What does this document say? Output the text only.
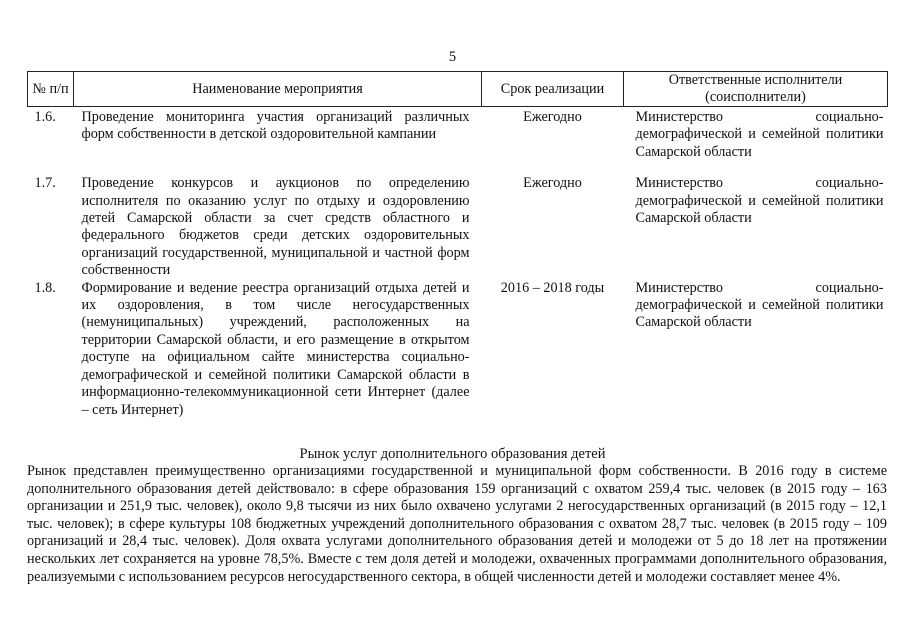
5
№ п/п	Наименование мероприятия	Срок реализации	Ответственные исполнители (соисполнители)
1.6.	Проведение мониторинга участия организаций различных форм собственности в детской оздоровительной кампании	Ежегодно	Министерство социально-демографической и семейной политики Самарской области
1.7.	Проведение конкурсов и аукционов по определению исполнителя по оказанию услуг по отдыху и оздоровлению детей Самарской области за счет средств областного и федерального бюджетов среди детских оздоровительных организаций государственной, муниципальной и частной форм собственности	Ежегодно	Министерство социально-демографической и семейной политики Самарской области
1.8.	Формирование и ведение реестра организаций отдыха детей и их оздоровления, в том числе негосударственных (немуниципальных) учреждений, расположенных на территории Самарской области, и его размещение в открытом доступе на официальном сайте министерства социально-демографической и семейной политики Самарской области в информационно-телекоммуникационной сети Интернет (далее – сеть Интернет)	2016 – 2018 годы	Министерство социально-демографической и семейной политики Самарской области
Рынок услуг дополнительного образования детей

Рынок представлен преимущественно организациями государственной и муниципальной форм собственности. В 2016 году в системе дополнительного образования детей действовало: в сфере образования 159 организаций с охватом 259,4 тыс. человек (в 2015 году – 163 организации и 251,9 тыс. человек), около 9,8 тысячи из них было охвачено услугами 2 негосударственных организаций (в 2015 году – 12,1 тыс. человек); в сфере культуры 108 бюджетных учреждений дополнительного образования с охватом 28,7 тыс. человек (в 2015 году – 109 организаций и 28,4 тыс. человек). Доля охвата услугами дополнительного образования детей и молодежи от 5 до 18 лет на протяжении нескольких лет сохраняется на уровне 78,5%. Вместе с тем доля детей и молодежи, охваченных программами дополнительного образования, реализуемыми с использованием ресурсов негосударственного сектора, в общей численности детей и молодежи составляет менее 4%.
